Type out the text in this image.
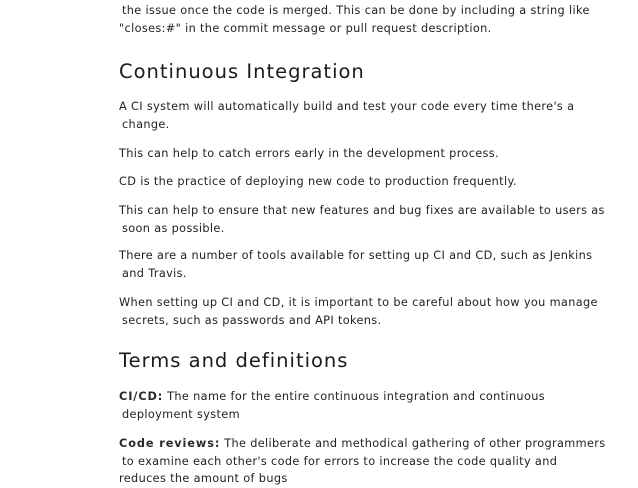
the issue once the code is merged. This can be done by including a string like
"closes:#" in the commit message or pull request description.

Continuous Integration

A CI system will automatically build and test your code every time there's a
change.

This can help to catch errors early in the development process.

CD is the practice of deploying new code to production frequently.

This can help to ensure that new features and bug fixes are available to users as
soon as possible.

There are a number of tools available for setting up CI and CD, such as Jenkins
and Travis.

When setting up CI and CD, it is important to be careful about how you manage
secrets, such as passwords and API tokens.

Terms and definitions

CI/CD: The name for the entire continuous integration and continuous
deployment system

Code reviews: The deliberate and methodical gathering of other programmers
to examine each other's code for errors to increase the code quality and
reduces the amount of bugs
